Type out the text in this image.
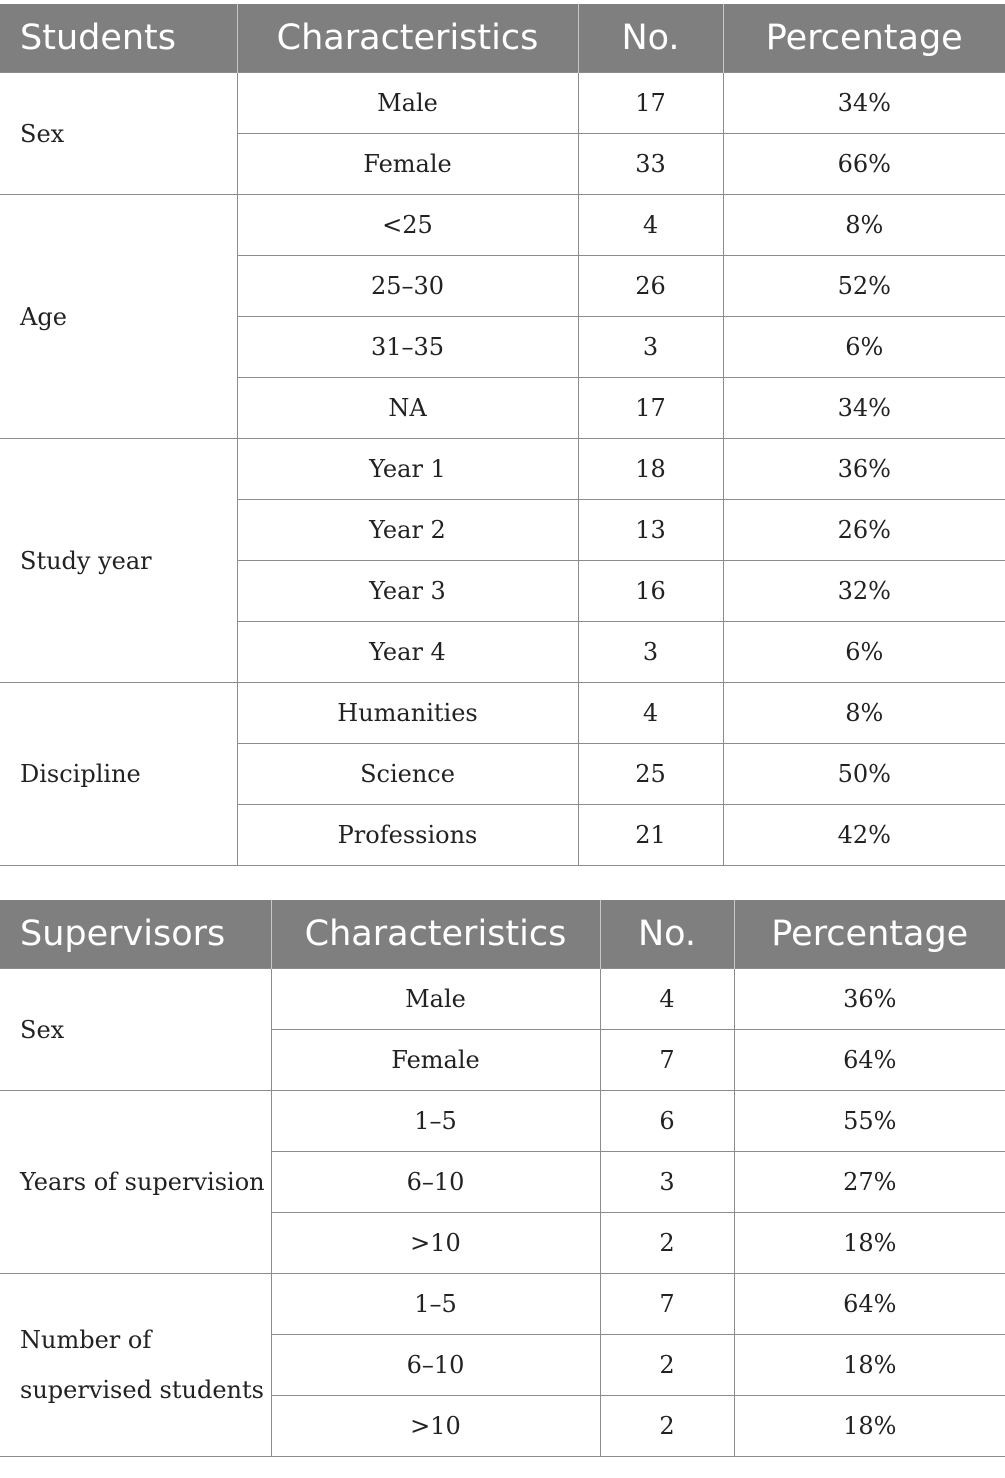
Students	Characteristics	No.	Percentage
Sex	Male	17	34%
	Female	33	66%
Age	<25	4	8%
	25–30	26	52%
	31–35	3	6%
	NA	17	34%
Study year	Year 1	18	36%
	Year 2	13	26%
	Year 3	16	32%
	Year 4	3	6%
Discipline	Humanities	4	8%
	Science	25	50%
	Professions	21	42%
Supervisors	Characteristics	No.	Percentage
Sex	Male	4	36%
	Female	7	64%
Years of supervision	1–5	6	55%
	6–10	3	27%
	>10	2	18%
Number of supervised students	1–5	7	64%
	6–10	2	18%
	>10	2	18%
